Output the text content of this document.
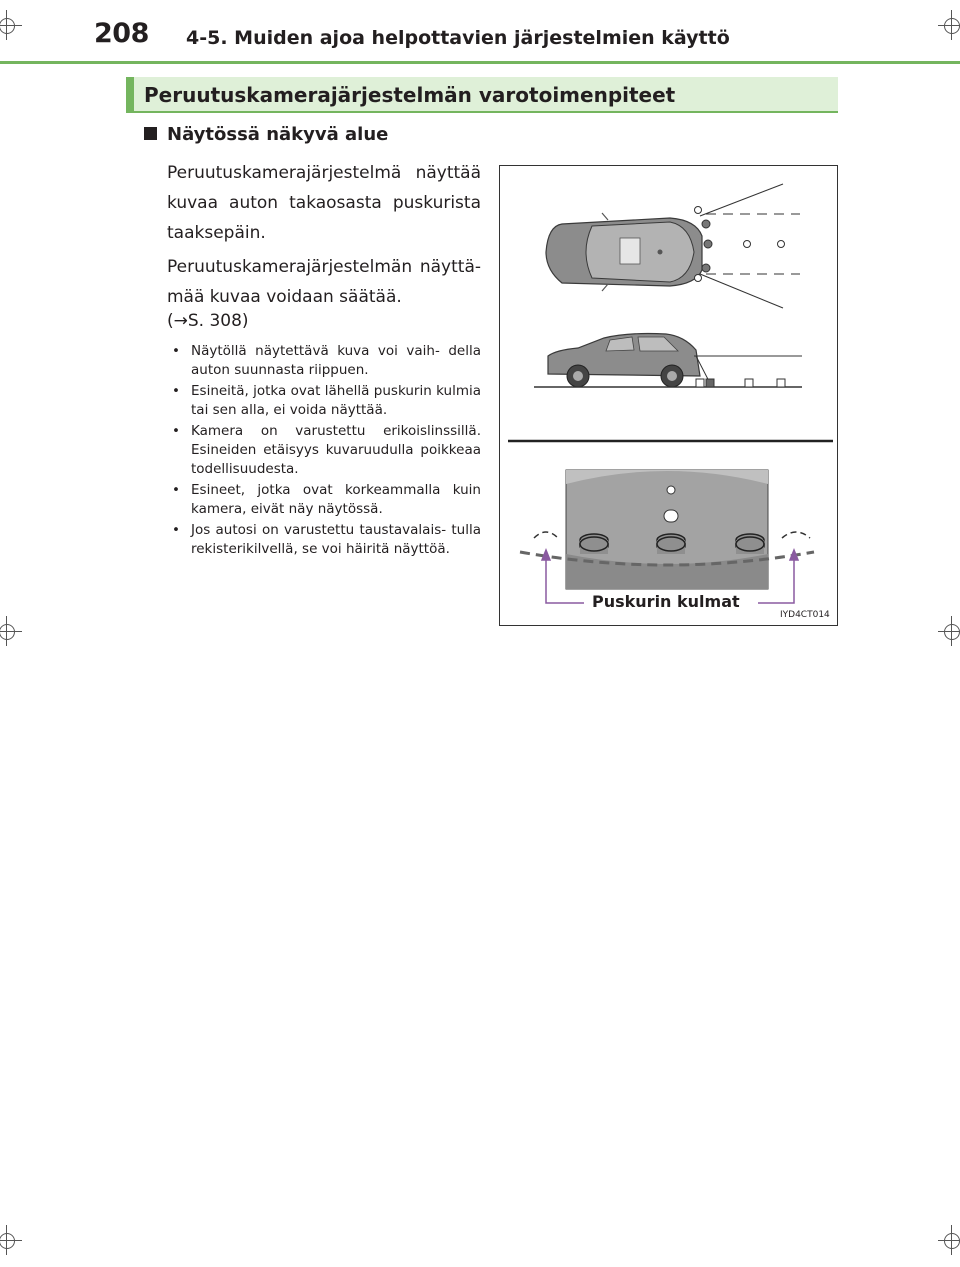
208 4-5. Muiden ajoa helpottavien järjestelmien käyttö
Peruutuskamerajärjestelmän varotoimenpiteet
Näytössä näkyvä alue
Peruutuskamerajärjestelmä näyttää kuvaa auton takaosasta puskurista taaksepäin.
Peruutuskamerajärjestelmän näyttä- mää kuvaa voidaan säätää.
(→S. 308)
• Näytöllä näytettävä kuva voi vaih- della auton suunnasta riippuen.
• Esineitä, jotka ovat lähellä puskurin kulmia tai sen alla, ei voida näyttää.
• Kamera on varustettu erikoislinssillä. Esineiden etäisyys kuvaruudulla poikkeaa todellisuudesta.
• Esineet, jotka ovat korkeammalla kuin kamera, eivät näy näytössä.
• Jos autosi on varustettu taustavalais- tulla rekisterikilvellä, se voi häiritä näyttöä.
Puskurin kulmat
IYD4CT014
